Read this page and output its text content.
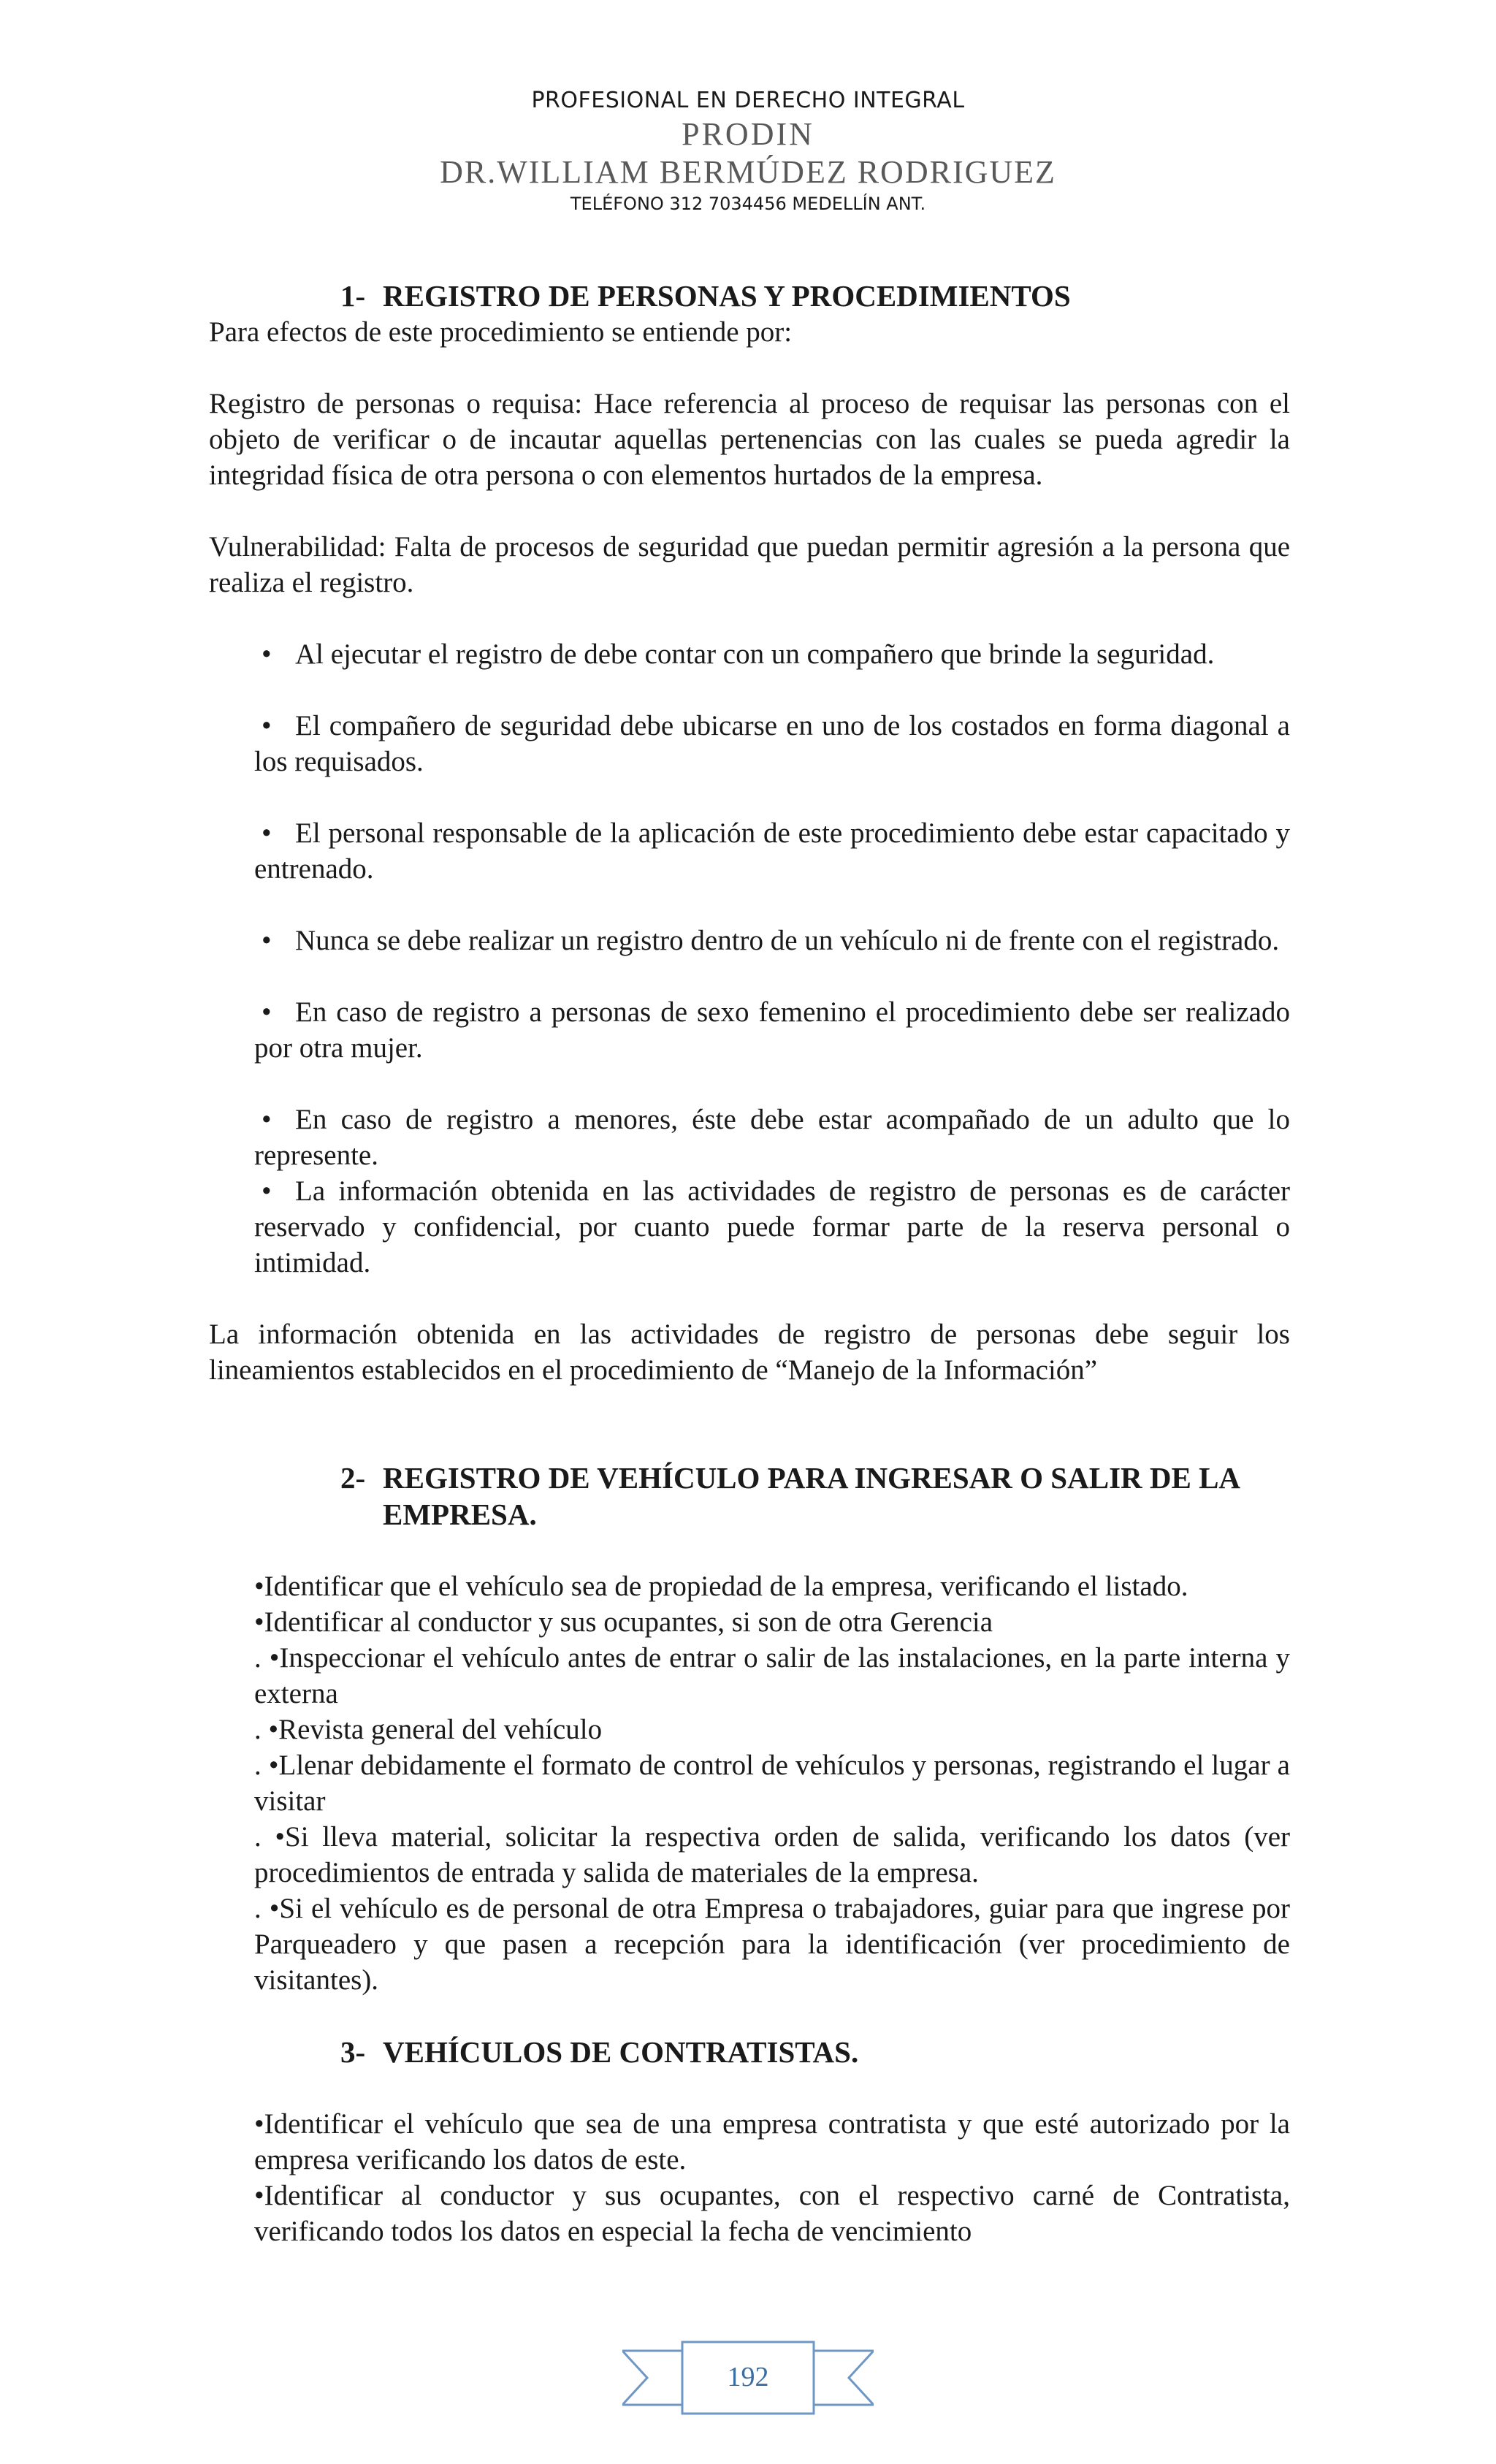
PROFESIONAL EN DERECHO INTEGRAL
PRODIN
DR.WILLIAM BERMÚDEZ RODRIGUEZ
TELÉFONO 312 7034456 MEDELLÍN ANT.
1- REGISTRO DE PERSONAS Y PROCEDIMIENTOS

Para efectos de este procedimiento se entiende por:

Registro de personas o requisa: Hace referencia al proceso de requisar las personas con el objeto de verificar o de incautar aquellas pertenencias con las cuales se pueda agredir la integridad física de otra persona o con elementos hurtados de la empresa.

Vulnerabilidad: Falta de procesos de seguridad que puedan permitir agresión a la persona que realiza el registro.

• Al ejecutar el registro de debe contar con un compañero que brinde la seguridad.

• El compañero de seguridad debe ubicarse en uno de los costados en forma diagonal a los requisados.

• El personal responsable de la aplicación de este procedimiento debe estar capacitado y entrenado.

• Nunca se debe realizar un registro dentro de un vehículo ni de frente con el registrado.

• En caso de registro a personas de sexo femenino el procedimiento debe ser realizado por otra mujer.

• En caso de registro a menores, éste debe estar acompañado de un adulto que lo represente.

• La información obtenida en las actividades de registro de personas es de carácter reservado y confidencial, por cuanto puede formar parte de la reserva personal o intimidad.

La información obtenida en las actividades de registro de personas debe seguir los lineamientos establecidos en el procedimiento de “Manejo de la Información”

2- REGISTRO DE VEHÍCULO PARA INGRESAR O SALIR DE LA
EMPRESA.

•Identificar que el vehículo sea de propiedad de la empresa, verificando el listado.

•Identificar al conductor y sus ocupantes, si son de otra Gerencia

. •Inspeccionar el vehículo antes de entrar o salir de las instalaciones, en la parte interna y externa

. •Revista general del vehículo

. •Llenar debidamente el formato de control de vehículos y personas, registrando el lugar a visitar

. •Si lleva material, solicitar la respectiva orden de salida, verificando los datos (ver procedimientos de entrada y salida de materiales de la empresa.

. •Si el vehículo es de personal de otra Empresa o trabajadores, guiar para que ingrese por Parqueadero y que pasen a recepción para la identificación (ver procedimiento de visitantes).

3- VEHÍCULOS DE CONTRATISTAS.

•Identificar el vehículo que sea de una empresa contratista y que esté autorizado por la empresa verificando los datos de este.

•Identificar al conductor y sus ocupantes, con el respectivo carné de Contratista, verificando todos los datos en especial la fecha de vencimiento

192
